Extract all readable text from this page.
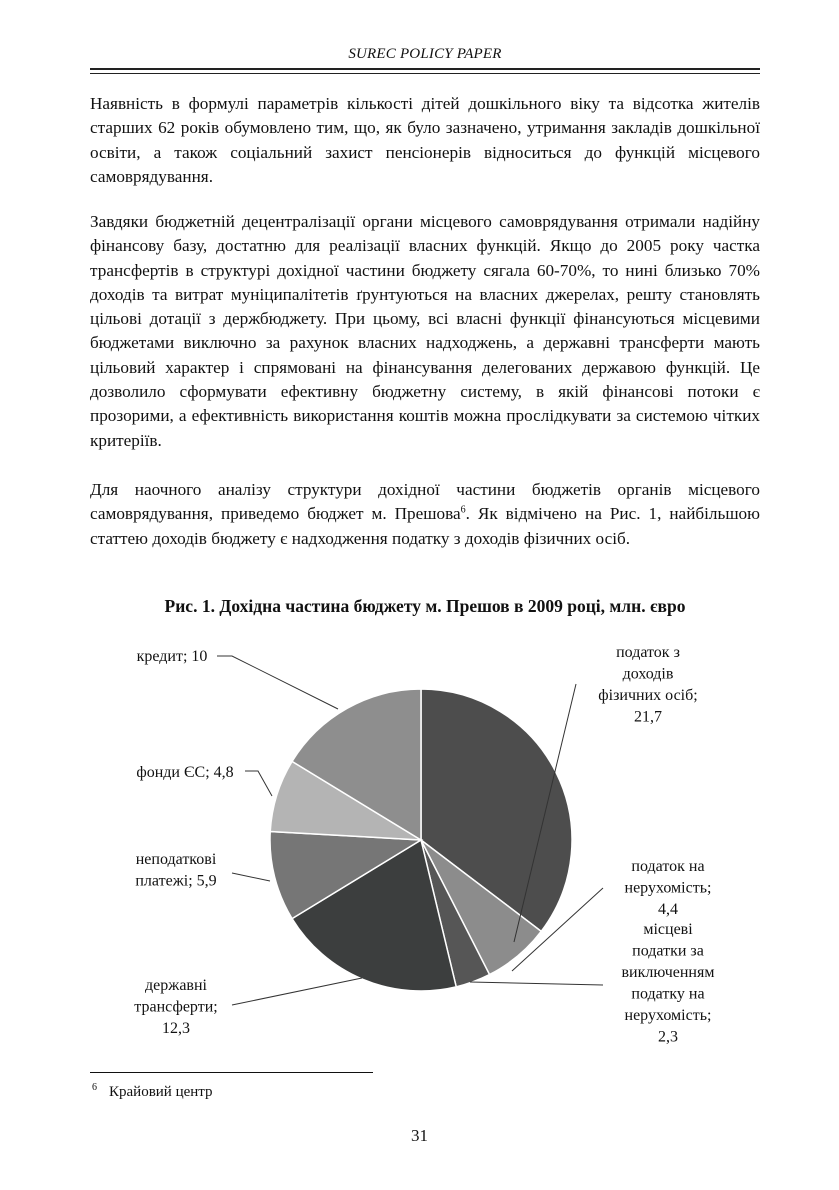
SUREC POLICY PAPER

Наявність в формулі параметрів кількості дітей дошкільного віку та відсотка жителів старших 62 років обумовлено тим, що, як було зазначено, утримання закладів дошкільної освіти, а також соціальний захист пенсіонерів відноситься до функцій місцевого самоврядування.

Завдяки бюджетній децентралізації органи місцевого самоврядування отримали надійну фінансову базу, достатню для реалізації власних функцій. Якщо до 2005 року частка трансфертів в структурі дохідної частини бюджету сягала 60-70%, то нині близько 70% доходів та витрат муніципалітетів ґрунтуються на власних джерелах, решту становлять цільові дотації з держбюджету. При цьому, всі власні функції фінансуються місцевими бюджетами виключно за рахунок власних надходжень, а державні трансферти мають цільовий характер і спрямовані на фінансування делегованих державою функцій. Це дозволило сформувати ефективну бюджетну систему, в якій фінансові потоки є прозорими, а ефективність використання коштів можна прослідкувати за системою чітких критеріїв.

Для наочного аналізу структури дохідної частини бюджетів органів місцевого самоврядування, приведемо бюджет м. Прешова$^6$. Як відмічено на Рис. 1, найбільшою статтею доходів бюджету є надходження податку з доходів фізичних осіб.

Рис. 1. Дохідна частина бюджету м. Прешов в 2009 році, млн. євро
податок з доходів фізичних осіб; 21,7
податок на нерухомість; 4,4
місцеві податки за виключенням податку на нерухомість; 2,3
державні трансферти; 12,3
неподаткові платежі; 5,9
фонди ЄС; 4,8
кредит; 10
$^6$ Крайовий центр
31
